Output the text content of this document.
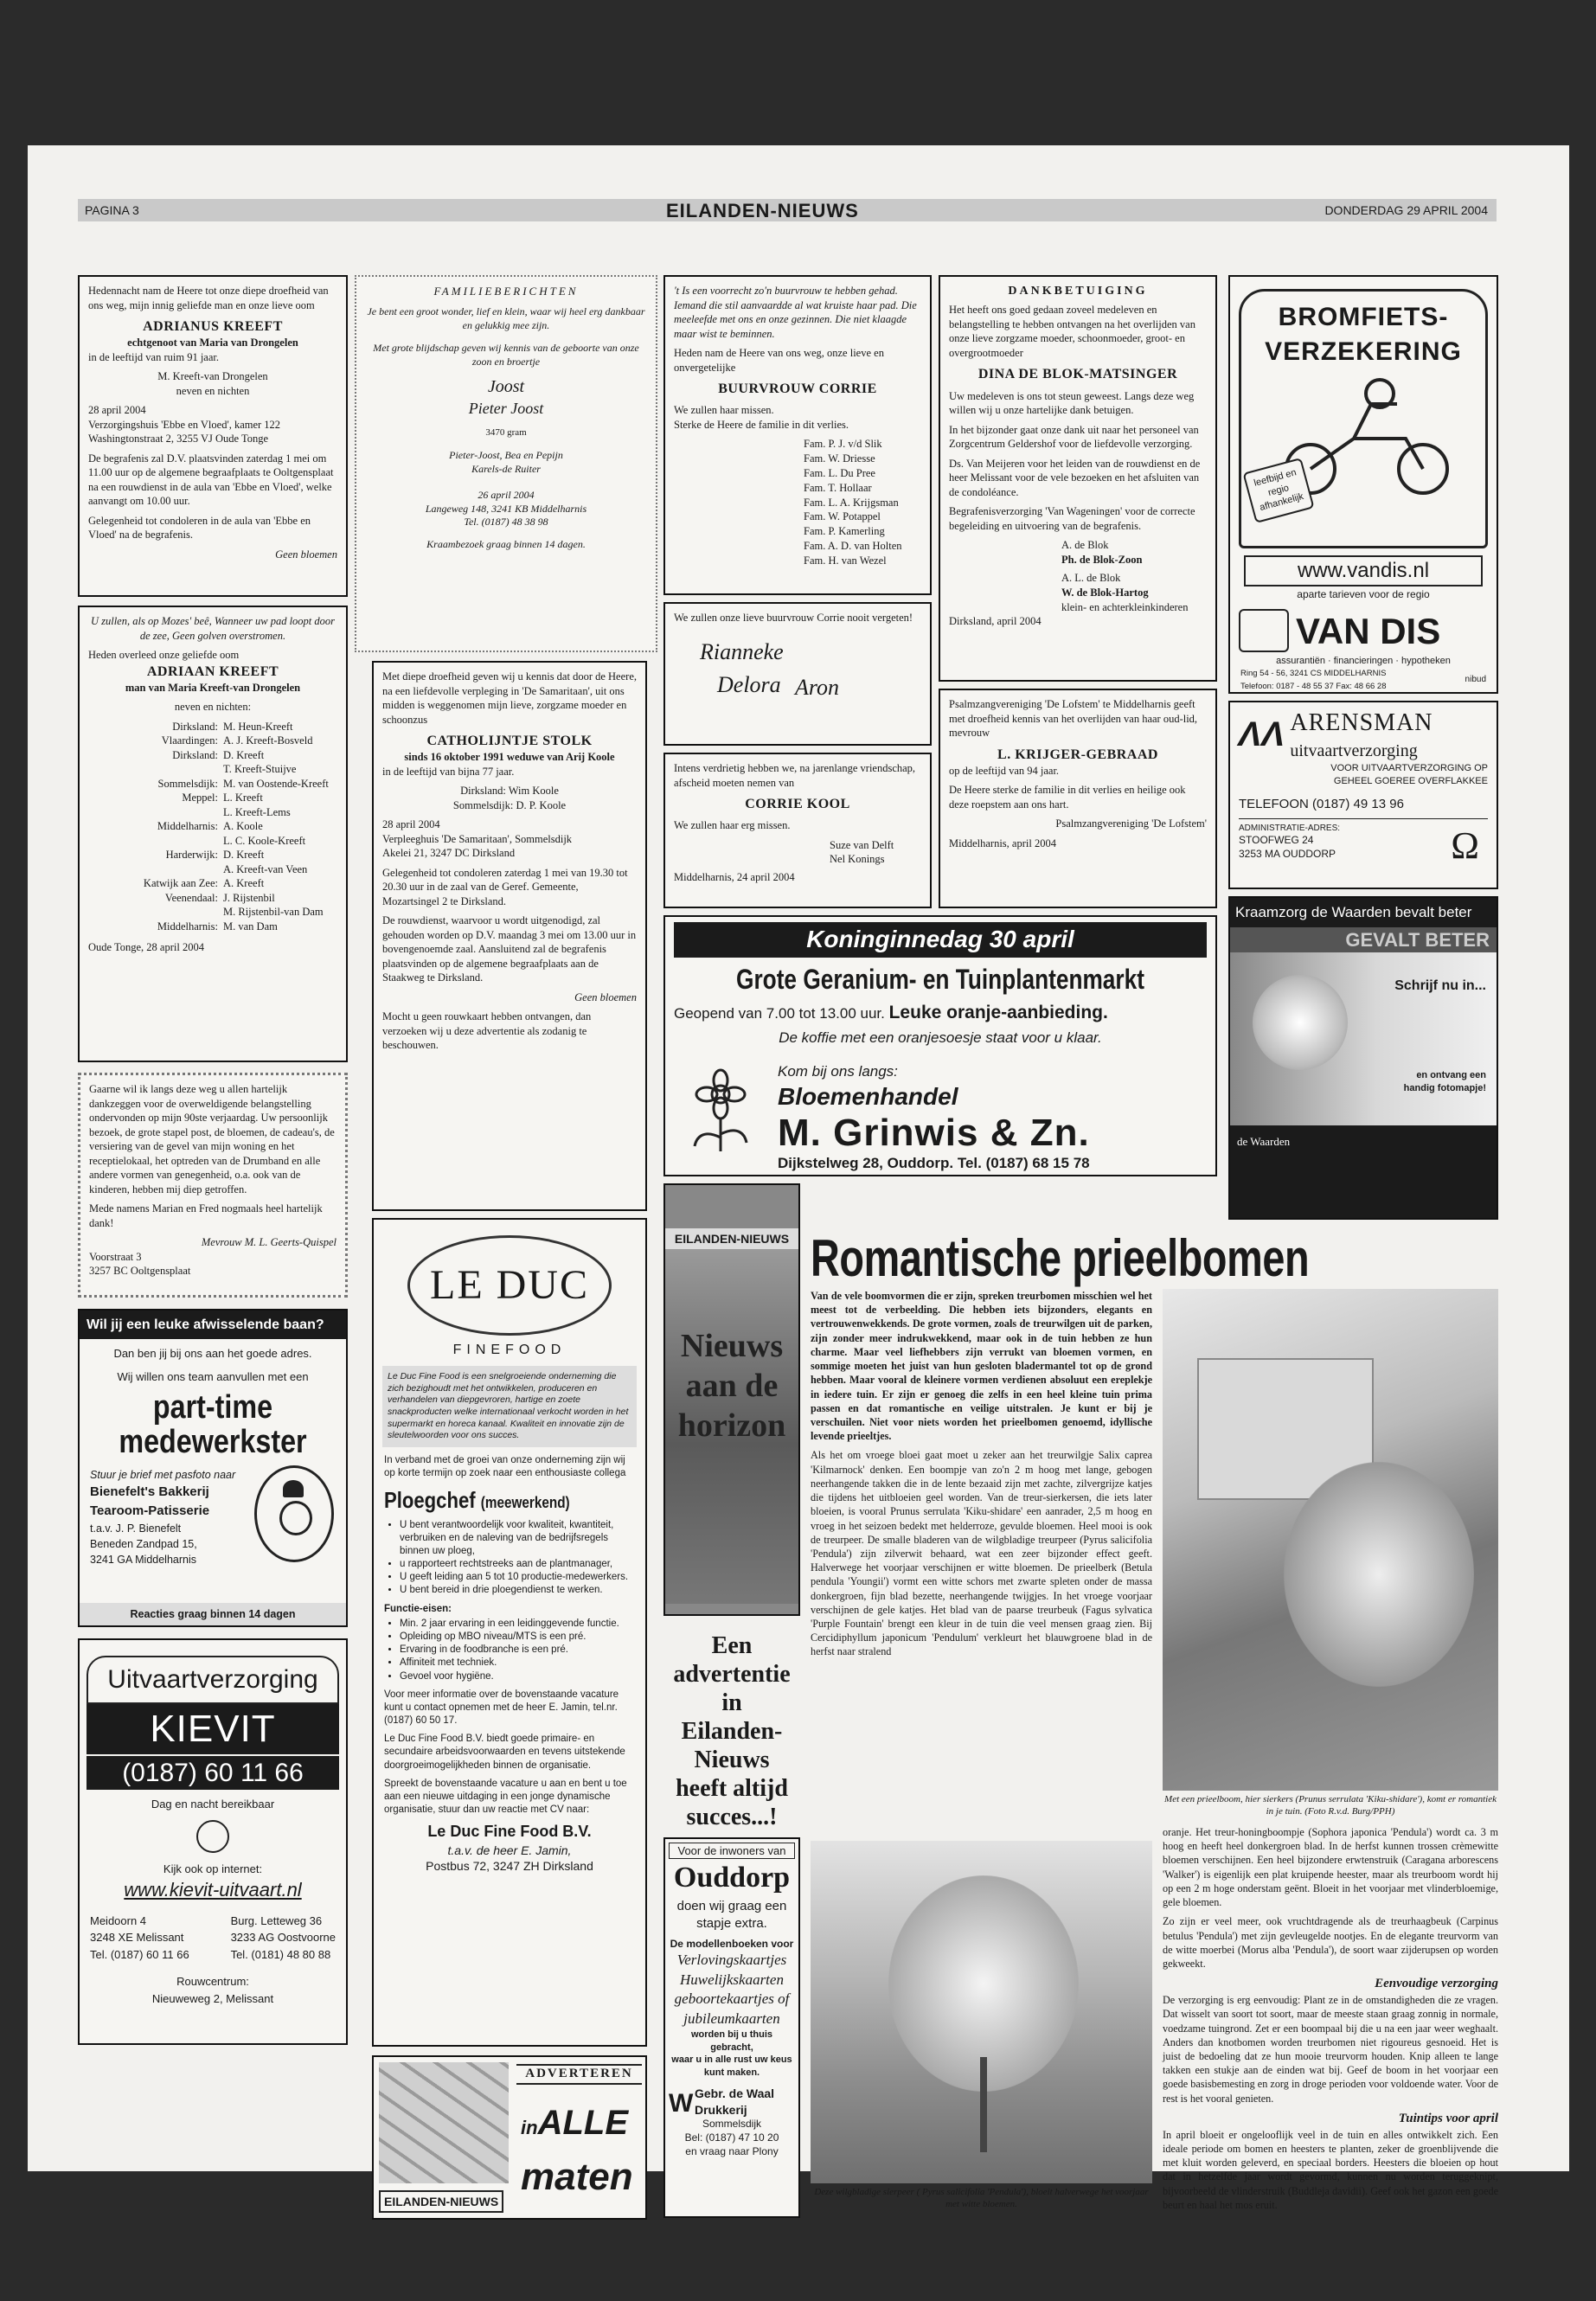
PAGINA 3	EILANDEN-NIEUWS	DONDERDAG 29 APRIL 2004

Hedennacht nam de Heere tot onze diepe droefheid van ons weg, mijn innig geliefde man en onze lieve oom

ADRIANUS KREEFT
echtgenoot van Maria van Drongelen

in de leeftijd van ruim 91 jaar.

M. Kreeft-van Drongelen

neven en nichten

28 april 2004
Verzorgingshuis 'Ebbe en Vloed', kamer 122

Washingtonstraat 2, 3255 VJ Oude Tonge

De begrafenis zal D.V. plaatsvinden zaterdag 1 mei om 11.00 uur op de algemene begraafplaats te Ooltgensplaat na een rouwdienst in de aula van 'Ebbe en Vloed', welke aanvangt om 10.00 uur.

Gelegenheid tot condoleren in de aula van 'Ebbe en Vloed' na de begrafenis.

Geen bloemen

U zullen, als op Mozes' beê, Wanneer uw pad loopt door de zee, Geen golven overstromen.

Heden overleed onze geliefde oom
ADRIAAN KREEFT
man van Maria Kreeft-van Drongelen

neven en nichten:

Dirksland: M. Heun-Kreeft
Vlaardingen: A. J. Kreeft-Bosveld
Dirksland: D. Kreeft
T. Kreeft-Stuijve
Sommelsdijk: M. van Oostende-Kreeft
Meppel: L. Kreeft
L. Kreeft-Lems
Middelharnis: A. Koole
L. C. Koole-Kreeft
Harderwijk: D. Kreeft
A. Kreeft-van Veen
Katwijk aan Zee: A. Kreeft
Veenendaal: J. Rijstenbil
M. Rijstenbil-van Dam
Middelharnis: M. van Dam
Oude Tonge, 28 april 2004

Gaarne wil ik langs deze weg u allen hartelijk dankzeggen voor de overweldigende belangstelling ondervonden op mijn 90ste verjaardag. Uw persoonlijk bezoek, de grote stapel post, de bloemen, de cadeau's, de versiering van de gevel van mijn woning en het receptielokaal, het optreden van de Drumband en alle andere vormen van genegenheid, o.a. ook van de kinderen, hebben mij diep getroffen.

Mede namens Marian en Fred nogmaals heel hartelijk dank!

Mevrouw M. L. Geerts-Quispel
Voorstraat 3
3257 BC Ooltgensplaat
Wil jij een leuke afwisselende baan?
Dan ben jij bij ons aan het goede adres.
Wij willen ons team aanvullen met een
part-time
medewerkster
Stuur je brief met pasfoto naar
Bienefelt's Bakkerij
Tearoom-Patisserie
t.a.v. J. P. Bienefelt
Beneden Zandpad 15,
3241 GA Middelharnis
Reacties graag binnen 14 dagen
Uitvaartverzorging
KIEVIT
(0187) 60 11 66
Dag en nacht bereikbaar
Kijk ook op internet:
www.kievit-uitvaart.nl
Meidoorn 4
3248 XE Melissant
Tel. (0187) 60 11 66
Burg. Letteweg 36
3233 AG Oostvoorne
Tel. (0181) 48 80 88
Rouwcentrum:
Nieuweweg 2, Melissant
FAMILIEBERICHTEN
Je bent een groot wonder, lief en klein, waar wij heel erg dankbaar en gelukkig mee zijn.

Met grote blijdschap geven wij kennis van de geboorte van onze zoon en broertje

Joost
Pieter Joost
3470 gram
Pieter-Joost, Bea en Pepijn
Karels-de Ruiter
26 april 2004
Langeweg 148, 3241 KB Middelharnis
Tel. (0187) 48 38 98
Kraambezoek graag binnen 14 dagen.

Met diepe droefheid geven wij u kennis dat door de Heere, na een liefdevolle verpleging in 'De Samaritaan', uit ons midden is weggenomen mijn lieve, zorgzame moeder en schoonzus

CATHOLIJNTJE STOLK
sinds 16 oktober 1991 weduwe van Arij Koole

in de leeftijd van bijna 77 jaar.

Dirksland: Wim Koole

Sommelsdijk: D. P. Koole

28 april 2004
Verpleeghuis 'De Samaritaan', Sommelsdijk

Akelei 21, 3247 DC Dirksland

Gelegenheid tot condoleren zaterdag 1 mei van 19.30 tot 20.30 uur in de zaal van de Geref. Gemeente, Mozartsingel 2 te Dirksland.

De rouwdienst, waarvoor u wordt uitgenodigd, zal gehouden worden op D.V. maandag 3 mei om 13.00 uur in bovengenoemde zaal. Aansluitend zal de begrafenis plaatsvinden op de algemene begraafplaats aan de Staakweg te Dirksland.

Geen bloemen

Mocht u geen rouwkaart hebben ontvangen, dan verzoeken wij u deze advertentie als zodanig te beschouwen.

LE DUC
FINEFOOD
Le Duc Fine Food is een snelgroeiende onderneming die zich bezighoudt met het ontwikkelen, produceren en verhandelen van diepgevroren, hartige en zoete snackproducten welke internationaal verkocht worden in het supermarkt en horeca kanaal. Kwaliteit en innovatie zijn de sleutelwoorden voor ons succes.

In verband met de groei van onze onderneming zijn wij op korte termijn op zoek naar een enthousiaste collega

Ploegchef (meewerkend)
• U bent verantwoordelijk voor kwaliteit, kwantiteit, verbruiken en de naleving van de bedrijfsregels binnen uw ploeg,
• u rapporteert rechtstreeks aan de plantmanager,
• U geeft leiding aan 5 tot 10 productie-medewerkers.
• U bent bereid in drie ploegendienst te werken.
Functie-eisen:
• Min. 2 jaar ervaring in een leidinggevende functie.
• Opleiding op MBO niveau/MTS is een pré.
• Ervaring in de foodbranche is een pré.
• Affiniteit met techniek.
• Gevoel voor hygiëne.

Voor meer informatie over de bovenstaande vacature kunt u contact opnemen met de heer E. Jamin, tel.nr. (0187) 60 50 17.

Le Duc Fine Food B.V. biedt goede primaire- en secundaire arbeidsvoorwaarden en tevens uitstekende doorgroeimogelijkheden binnen de organisatie.

Spreekt de bovenstaande vacature u aan en bent u toe aan een nieuwe uitdaging in een jonge dynamische organisatie, stuur dan uw reactie met CV naar:

Le Duc Fine Food B.V.
t.a.v. de heer E. Jamin,
Postbus 72, 3247 ZH Dirksland

't Is een voorrecht zo'n buurvrouw te hebben gehad. Iemand die stil aanvaardde al wat kruiste haar pad. Die meeleefde met ons en onze gezinnen. Die niet klaagde maar wist te beminnen.

Heden nam de Heere van ons weg, onze lieve en onvergetelijke

BUURVROUW CORRIE
We zullen haar missen.

Sterke de Heere de familie in dit verlies.

Fam. P. J. v/d Slik
Fam. W. Driesse
Fam. L. Du Pree
Fam. T. Hollaar
Fam. L. A. Krijgsman
Fam. W. Potappel
Fam. P. Kamerling
Fam. A. D. van Holten
Fam. H. van Wezel
We zullen onze lieve buurvrouw Corrie nooit vergeten!
Rianneke
Aron
Delora

Intens verdrietig hebben we, na jarenlange vriendschap, afscheid moeten nemen van

CORRIE KOOL

We zullen haar erg missen.

Suze van Delft
Nel Konings
Middelharnis, 24 april 2004
DANKBETUIGING

Het heeft ons goed gedaan zoveel medeleven en belangstelling te hebben ontvangen na het overlijden van onze lieve zorgzame moeder, schoonmoeder, groot- en overgrootmoeder

DINA DE BLOK-MATSINGER

Uw medeleven is ons tot steun geweest. Langs deze weg willen wij u onze hartelijke dank betuigen.

In het bijzonder gaat onze dank uit naar het personeel van Zorgcentrum Geldershof voor de liefdevolle verzorging.

Ds. Van Meijeren voor het leiden van de rouwdienst en de heer Melissant voor de vele bezoeken en het afsluiten van de condoléance.

Begrafenisverzorging 'Van Wageningen' voor de correcte begeleiding en uitvoering van de begrafenis.

A. de Blok
Ph. de Blok-Zoon
A. L. de Blok
W. de Blok-Hartog
klein- en achterkleinkinderen
Dirksland, april 2004

Psalmzangvereniging 'De Lofstem' te Middelharnis geeft met droefheid kennis van het overlijden van haar oud-lid, mevrouw

L. KRIJGER-GEBRAAD

op de leeftijd van 94 jaar.

De Heere sterke de familie in dit verlies en heilige ook deze roepstem aan ons hart.

Psalmzangvereniging 'De Lofstem'

Middelharnis, april 2004
Koninginnedag 30 april
Grote Geranium- en Tuinplantenmarkt
Geopend van 7.00 tot 13.00 uur. Leuke oranje-aanbieding.
De koffie met een oranjesoesje staat voor u klaar.
Kom bij ons langs:
Bloemenhandel
M. Grinwis & Zn.
Dijkstelweg 28, Ouddorp. Tel. (0187) 68 15 78
EILANDEN-NIEUWS
Nieuws
aan de
horizon
Een
advertentie
in
Eilanden-
Nieuws
heeft altijd
succes...!
Voor de inwoners van
Ouddorp
doen wij graag een
stapje extra.
De modellenboeken voor
Verlovingskaartjes
Huwelijkskaarten
geboortekaartjes of
jubileumkaarten
worden bij u thuis gebracht,
waar u in alle rust uw keus
kunt maken.
W Gebr. de Waal
Drukkerij
Sommelsdijk
Bel: (0187) 47 10 20
en vraag naar Plony
ADVERTEREN
inALLE
maten
EILANDEN-NIEUWS
BROMFIETS-
VERZEKERING
leefbijd en regio afhankelijk
www.vandis.nl
aparte tarieven voor de regio
VAN DIS
assurantiën · financieringen · hypotheken
Ring 54 - 56, 3241 CS MIDDELHARNIS
Telefoon: 0187 - 48 55 37 Fax: 48 66 28
nibud
ΛΛ ARENSMAN
uitvaartverzorging
VOOR UITVAARTVERZORGING OP
GEHEEL GOEREE OVERFLAKKEE
TELEFOON (0187) 49 13 96
ADMINISTRATIE-ADRES:
STOOFWEG 24
3253 MA OUDDORP	Ω
Kraamzorg de Waarden bevalt beter
GEVALT BETER
Schrijf nu in...
en ontvang een
handig fotomapje!
de Waarden
Romantische prieelbomen

Van de vele boomvormen die er zijn, spreken treurbomen misschien wel het meest tot de verbeelding. Die hebben iets bijzonders, elegants en vertrouwenwekkends. De grote vormen, zoals de treurwilgen uit de parken, zijn zonder meer indrukwekkend, maar ook in de tuin hebben ze hun charme. Maar veel liefhebbers zijn verrukt van bloemen vormen, en sommige moeten het juist van hun gesloten bladermantel tot op de grond hebben. Maar vooral de kleinere vormen verdienen absoluut een ereplekje in iedere tuin. Er zijn er genoeg die zelfs in een heel kleine tuin prima passen en dat romantische en veilige uitstralen. Je kunt er bij je verschuilen. Niet voor niets worden het prieelbomen genoemd, idyllische levende prieeltjes.

Als het om vroege bloei gaat moet u zeker aan het treurwilgje Salix caprea 'Kilmarnock' denken. Een boompje van zo'n 2 m hoog met lange, gebogen neerhangende takken die in de lente bezaaid zijn met zachte, zilvergrijze katjes die tijdens het uitbloeien geel worden. Van de treur-sierkersen, die iets later bloeien, is vooral Prunus serrulata 'Kiku-shidare' een aanrader, 2,5 m hoog en vroeg in het seizoen bedekt met helderroze, gevulde bloemen. Heel mooi is ook de treurpeer. De smalle bladeren van de wilgbladige treurpeer (Pyrus salicifolia 'Pendula') zijn zilverwit behaard, wat een zeer bijzonder effect geeft. Halverwege het voorjaar verschijnen er witte bloemen. De prieelberk (Betula pendula 'Youngii') vormt een witte schors met zwarte spleten onder de massa donkergroen, fijn blad bezette, neerhangende twijgjes. In het vroege voorjaar verschijnen de gele katjes. Het blad van de paarse treurbeuk (Fagus sylvatica 'Purple Fountain' brengt een kleur in de tuin die veel mensen graag zien. Bij Cercidiphyllum japonicum 'Pendulum' verkleurt het blauwgroene blad in de herfst naar stralend

Met een prieelboom, hier sierkers (Prunus serrulata 'Kiku-shidare'), komt er romantiek in je tuin. (Foto R.v.d. Burg/PPH)

oranje. Het treur-honingboompje (Sophora japonica 'Pendula') wordt ca. 3 m hoog en heeft heel donkergroen blad. In de herfst kunnen trossen crèmewitte bloemen verschijnen. Een heel bijzondere erwtenstruik (Caragana arborescens 'Walker') is eigenlijk een plat kruipende heester, maar als treurboom wordt hij op een 2 m hoge onderstam geënt. Bloeit in het voorjaar met vlinderbloemige, gele bloemen.

Zo zijn er veel meer, ook vruchtdragende als de treurhaagbeuk (Carpinus betulus 'Pendula') met zijn gevleugelde nootjes. En de elegante treurvorm van de witte moerbei (Morus alba 'Pendula'), de soort waar zijderupsen op worden gekweekt.

Eenvoudige verzorging

De verzorging is erg eenvoudig: Plant ze in de omstandigheden die ze vragen. Dat wisselt van soort tot soort, maar de meeste staan graag zonnig in normale, voedzame tuingrond. Zet er een boompaal bij die u na een jaar weer weghaalt. Anders dan knotbomen worden treurbomen niet rigoureus gesnoeid. Het is juist de bedoeling dat ze hun mooie treurvorm houden. Knip alleen te lange takken een stukje aan de einden wat bij. Geef de boom in het voorjaar een goede basisbemesting en zorg in droge perioden voor voldoende water. Voor de rest is het vooral genieten.

Tuintips voor april

In april bloeit er ongelooflijk veel in de tuin en alles ontwikkelt zich. Een ideale periode om bomen en heesters te planten, zeker de groenblijvende die met kluit worden geleverd, en speciaal borders. Heesters die bloeien op hout dat in hetzelfde jaar wordt gevormd, kunnen nu worden teruggeknipt, bijvoorbeeld de vlinderstruik (Buddleja davidii). Geef ook het gazon een goede beurt en haal het mos eruit.

Deze wilgbladige sierpeer ( Pyrus salicifolia 'Pendula'), bloeit halverwege het voorjaar met witte bloemen.
